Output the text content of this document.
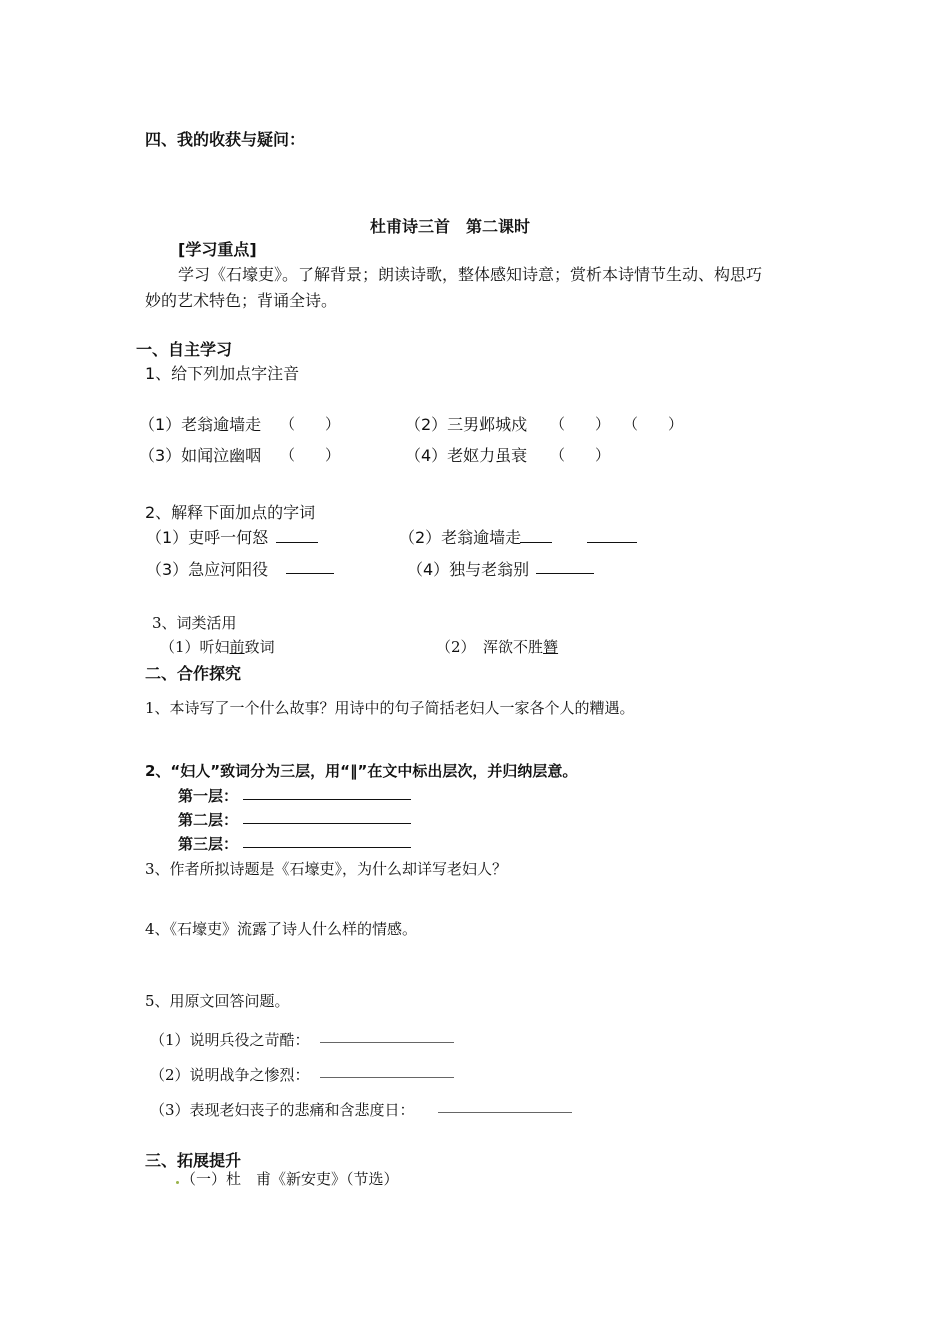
四、我的收获与疑问：
杜甫诗三首　第二课时
[学习重点]
学习《石壕吏》。了解背景；朗读诗歌，整体感知诗意；赏析本诗情节生动、构思巧
妙的艺术特色；背诵全诗。
一、自主学习
1、给下列加点字注音
（1）老翁逾墙走 （　　）	（2）三男邺城戍 （　　） （　　）
（3）如闻泣幽咽 （　　）	（4）老妪力虽衰 （　　）
2、解释下面加点的字词
（1）吏呼一何怒	（2）老翁逾墙走
（3）急应河阳役	（4）独与老翁别
3、词类活用
（1）听妇前致词	（2）　浑欲不胜簪
二、合作探究
1、本诗写了一个什么故事？用诗中的句子简括老妇人一家各个人的糟遇。
2、“妇人”致词分为三层，用“‖”在文中标出层次，并归纳层意。
第一层：
第二层：
第三层：
3、作者所拟诗题是《石壕吏》，为什么却详写老妇人？
4、《石壕吏》流露了诗人什么样的情感。
5、用原文回答问题。
（1）说明兵役之苛酷：
（2）说明战争之惨烈：
（3）表现老妇丧子的悲痛和含悲度日：
三、拓展提升
（一）杜　甫《新安吏》（节选）
